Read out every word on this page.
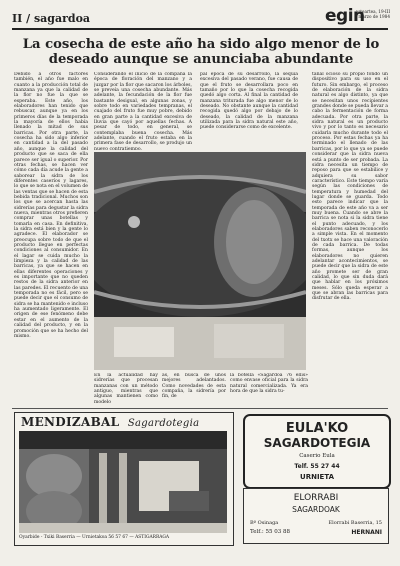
II / sagardoa	egin
asteartea, 19-III
marzo de 1984
La cosecha de este año ha sido algo menor de lo deseado aunque se anunciaba abundante
Debido a otros factores también, el año fue malo en cuanto a la producción total de manzana ya que la calidad de la flor no fue la que se esperaba. Este año, los elaboradores han tenido que rebuscar, aunque ya en los primeros días de la temporada la mayoría de ellos había llenado la mitad de sus barricas. Por otra parte, la cosecha ha sido algo inferior en cantidad a la del pasado año, aunque la calidad del producto que se saca de ella parece ser igual o superior. Por otras fechas, se hacen ver cómo cada día acude la gente a saborear la sidra de los diferentes caseríos y lagares, lo que se nota en el volumen de las ventas que se hacen de esta bebida tradicional. Muchos son los que se acercan hasta las sidrerías para degustar la sidra nueva, mientras otros prefieren comprar unas botellas y tomarla en casa. En definitiva, la sidra está bien y la gente lo agradece. El elaborador se preocupa sobre todo de que el producto llegue en perfectas condiciones al consumidor. En el lagar se cuida mucho la limpieza y la calidad de las barricas, ya que se hacen en ellas diferentes operaciones y es importante que no queden restos de la sidra anterior en las paredes. El recuento de una temporada no es fácil, pero se puede decir que el consumo de sidra se ha mantenido e incluso ha aumentado ligeramente. El origen de ese fenómeno debe estar en el aumento de la calidad del producto, y en la promoción que se ha hecho del mismo.
Considerando el inicio de la compaña la época de floración del manzano y a juzgar por la flor que sacaron los árboles, se preveía una cosecha abundante. Más adelante, la fecundación de la flor fue bastante desigual, en algunas zonas, y sobre todo en variedades tempranas, el cuajado del fruto fue muy pobre, debido en gran parte a la cantidad excesiva de lluvia que cayó por aquellas fechas. A pesar de todo, en general, se contemplaba buena cosecha. Más adelante, cuando el fruto estaba en la primera fase de desarrollo, se produjo un nuevo contratiempo.
pal época de su desarrollo, la sequía excesiva del pasado verano, fue causa de que el fruto se desarrollara poco en tamaño por lo que la cosecha recogida quedó algo corta. Al final la cantidad de manzana triturada fue algo menor de lo deseado. No obstante aunque la cantidad recogida quedó algo por debajo de lo deseado, la calidad de la manzana utilizada para la sidra natural este año, puede considerarse como de excelente.
tanal ocioso su propio fondo un dispositivo para su uso en el futuro. Sin embargo, el proceso de elaboración de la sidra natural es algo distinto, ya que se necesitan unos recipientes grandes donde se pueda llevar a cabo la fermentación de forma adecuada. Por otra parte, la sidra natural es un producto vivo y por lo tanto es necesario cuidarla mucho durante todo el proceso. Por estas fechas ya ha terminado el llenado de las barricas, por lo que ya se puede considerar que la sidra nueva está a punto de ser probada. La sidra necesita un tiempo de reposo para que se estabilice y adquiera su sabor característico. Este tiempo varía según las condiciones de temperatura y humedad del lugar donde se guarda. Todo esto parece indicar que la temporada de este año va a ser muy buena. Cuando se abre la barrica se nota si la sidra tiene el punto adecuado, y los elaboradores saben reconocerlo a simple vista. En el momento del txotx se hace una valoración de cada barrica. De todas formas, aunque los elaboradores no quieren adelantar acontecimientos, se puede decir que la sidra de este año promete ser de gran calidad, lo que sin duda dará que hablar en los próximos meses. Sólo queda esperar a que se abran las barricas para disfrutar de ella.
En la actualidad hay sidrerías que procesan manzanas con un método antiguo, mientras que algunas mantienen como modelo
as, en busca de unos mejores adelantados. Como novedades de esta compaña, la sidrería por fin, de
la botella «Sagardoa 76 ellis» como envase oficial para la sidra natural comercializada. Ya era hora de que la sidra tu-
MENDIZABAL Sagardotegia
Oyarbide - Txiki Baserria — Urnietakoa 56 57 67 — ASTIGARRAGA
EULA'KO
SAGARDOTEGIA
Caserio Eula
Telf. 55 27 44
URNIETA
ELORRABI
SAGARDOAK
Bº Osinaga
Telf.: 55 03 88
Elorrabi Baserria, 15
HERNANI
